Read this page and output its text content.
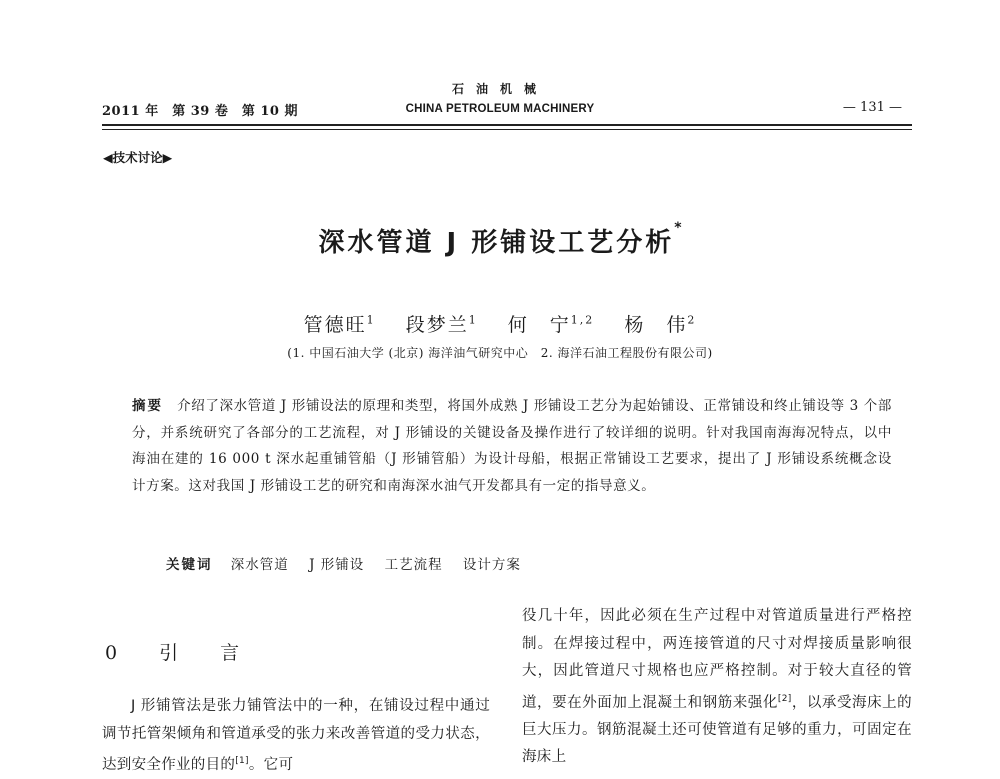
2011 年　第 39 卷　第 10 期
石油机械
CHINA PETROLEUM MACHINERY	— 131 —
◀技术讨论▶
深水管道 J 形铺设工艺分析*
管德旺$^1$ 段梦兰$^1$ 何　宁$^{1,2}$ 杨　伟$^2$
(1. 中国石油大学 (北京) 海洋油气研究中心　2. 海洋石油工程股份有限公司)
摘要 介绍了深水管道 J 形铺设法的原理和类型，将国外成熟 J 形铺设工艺分为起始铺设、正常铺设和终止铺设等 3 个部分，并系统研究了各部分的工艺流程，对 J 形铺设的关键设备及操作进行了较详细的说明。针对我国南海海况特点，以中海油在建的 16 000 t 深水起重铺管船（J 形铺管船）为设计母船，根据正常铺设工艺要求，提出了 J 形铺设系统概念设计方案。这对我国 J 形铺设工艺的研究和南海深水油气开发都具有一定的指导意义。
关键词 深水管道 J 形铺设 工艺流程 设计方案
0 引 言
J 形铺管法是张力铺管法中的一种，在铺设过程中通过调节托管架倾角和管道承受的张力来改善管道的受力状态，达到安全作业的目的[1]。它可
役几十年，因此必须在生产过程中对管道质量进行严格控制。在焊接过程中，两连接管道的尺寸对焊接质量影响很大，因此管道尺寸规格也应严格控制。对于较大直径的管道，要在外面加上混凝土和钢筋来强化[2]，以承受海床上的巨大压力。钢筋混凝土还可使管道有足够的重力，可固定在海床上
